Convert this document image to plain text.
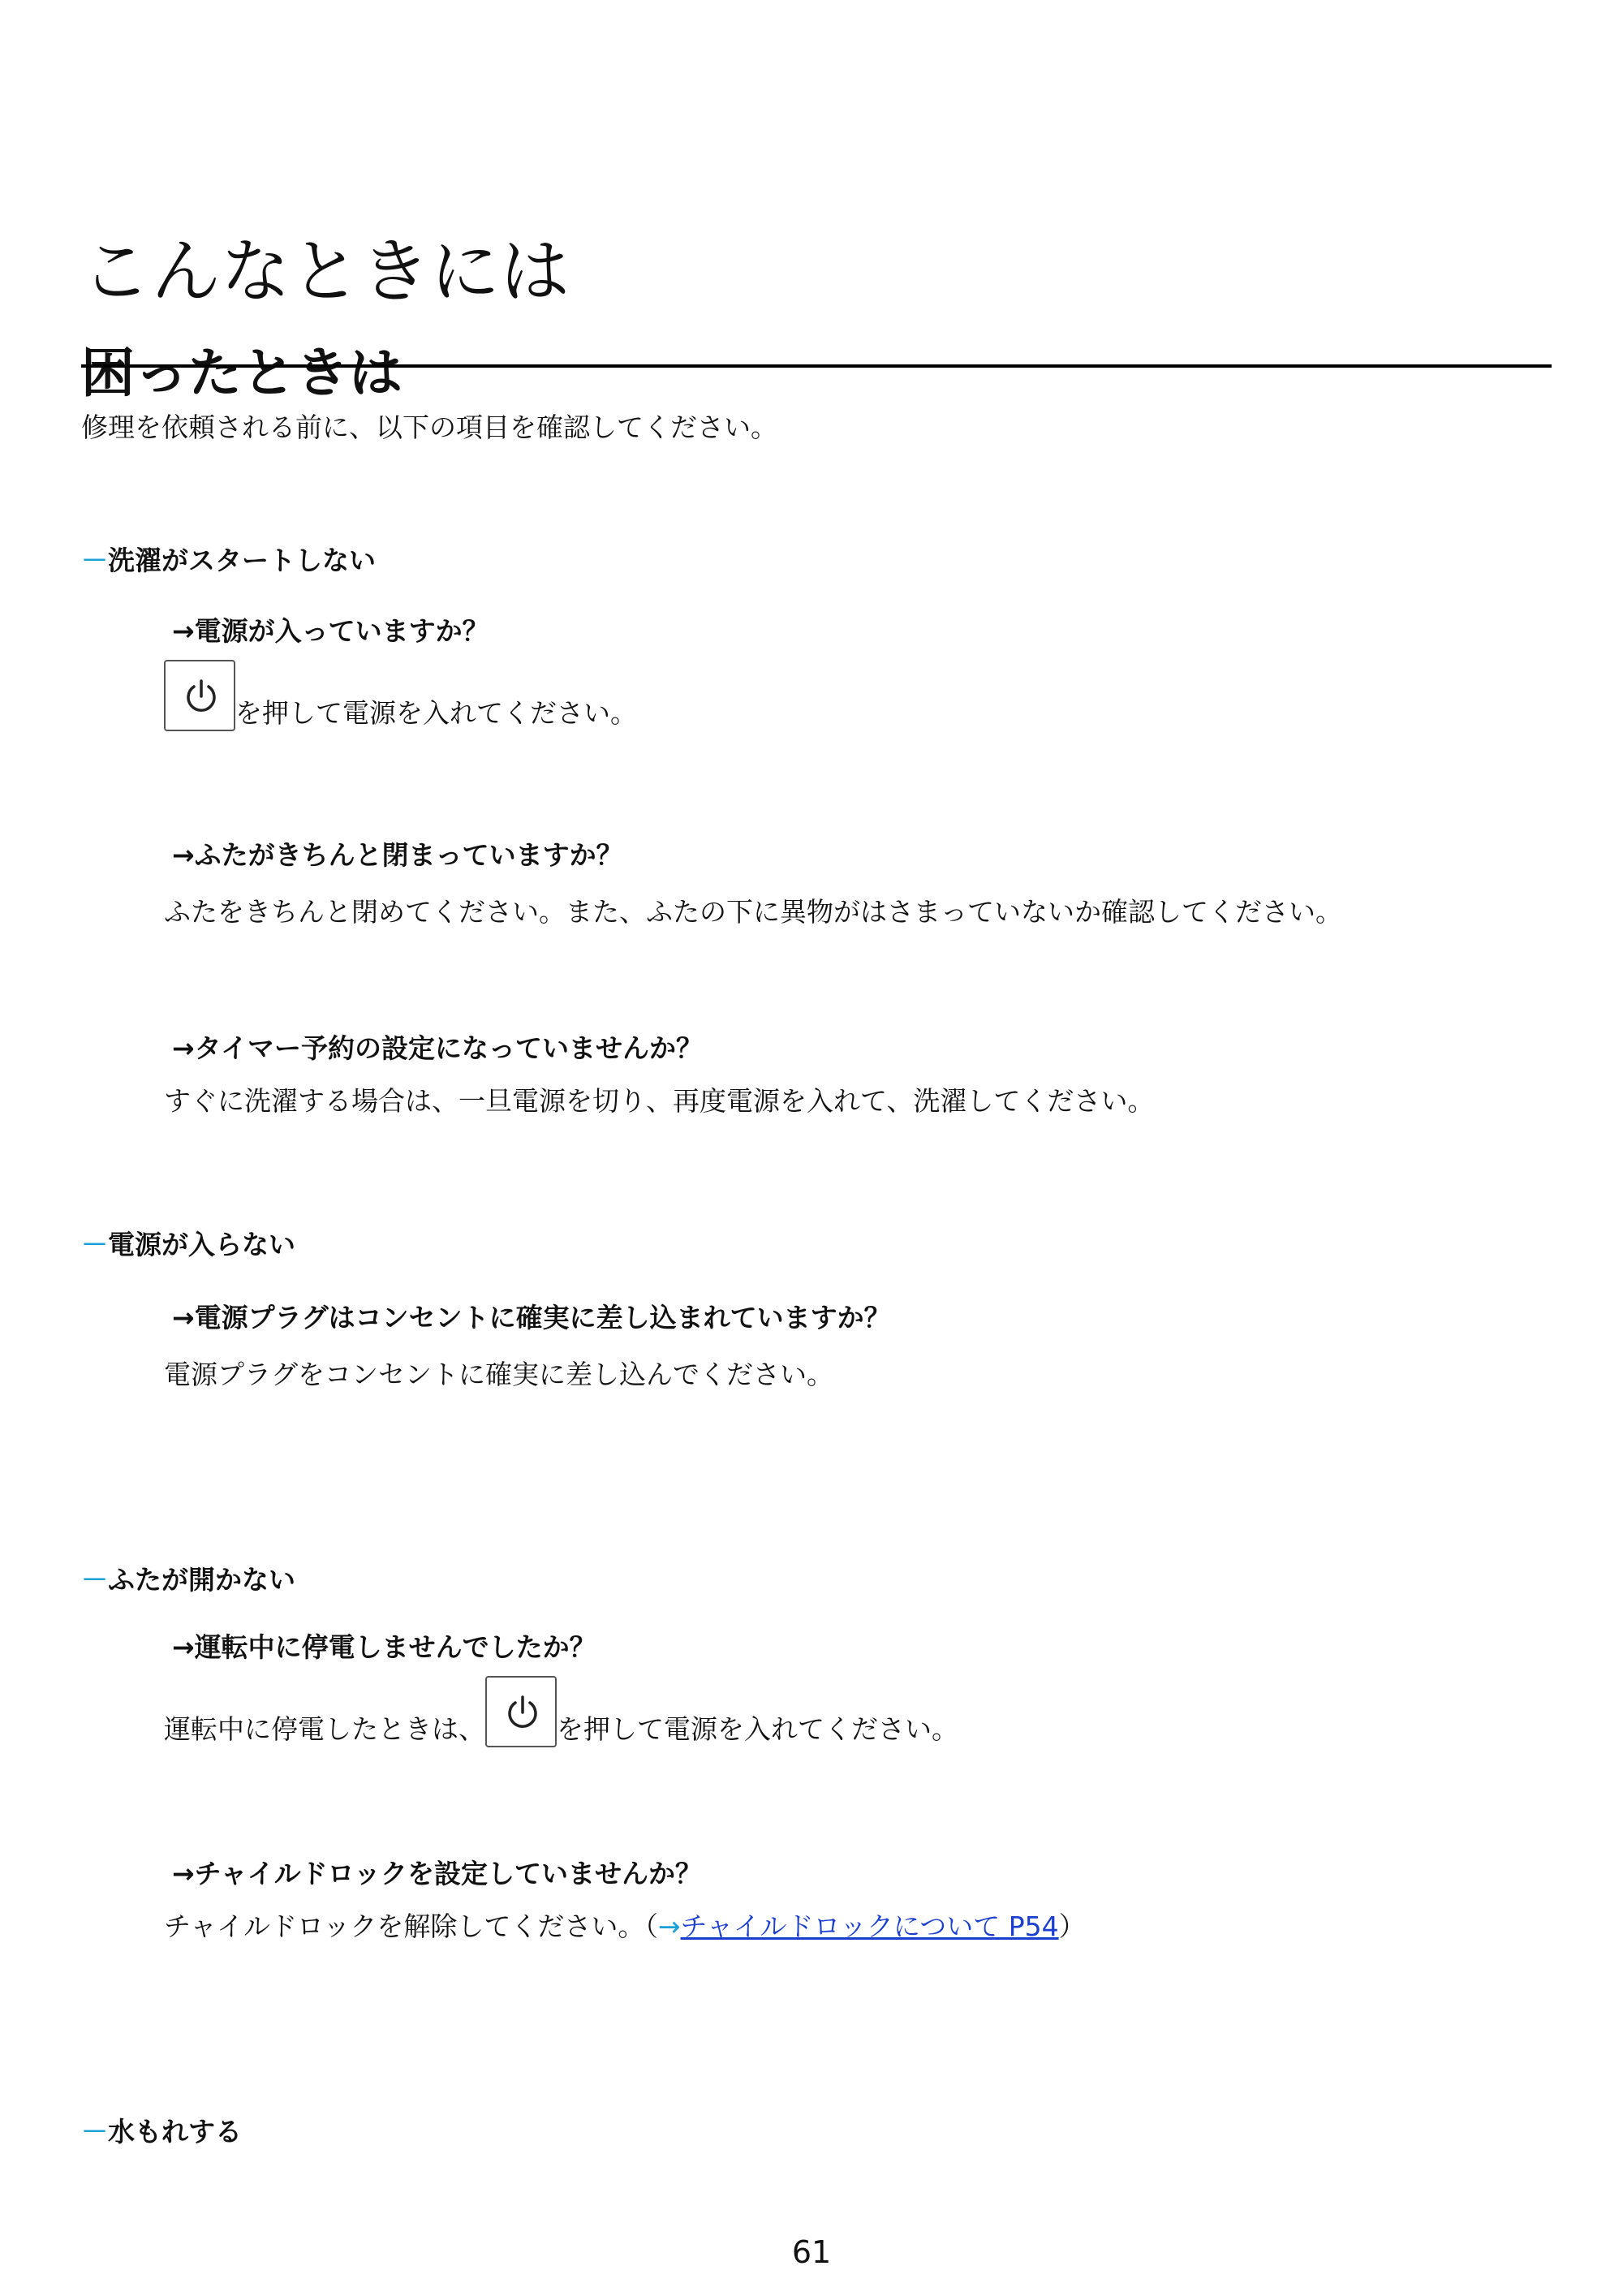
こんなときには
困ったときは

修理を依頼される前に、以下の項目を確認してください。

－洗濯がスタートしない
→電源が入っていますか？
を押して電源を入れてください。
→ふたがきちんと閉まっていますか？
ふたをきちんと閉めてください。また、ふたの下に異物がはさまっていないか確認してください。
→タイマー予約の設定になっていませんか？
すぐに洗濯する場合は、一旦電源を切り、再度電源を入れて、洗濯してください。
－電源が入らない
→電源プラグはコンセントに確実に差し込まれていますか？
電源プラグをコンセントに確実に差し込んでください。
－ふたが開かない
→運転中に停電しませんでしたか？
運転中に停電したときは、	を押して電源を入れてください。
→チャイルドロックを設定していませんか？
チャイルドロックを解除してください。（→チャイルドロックについて P54）
－水もれする
61
